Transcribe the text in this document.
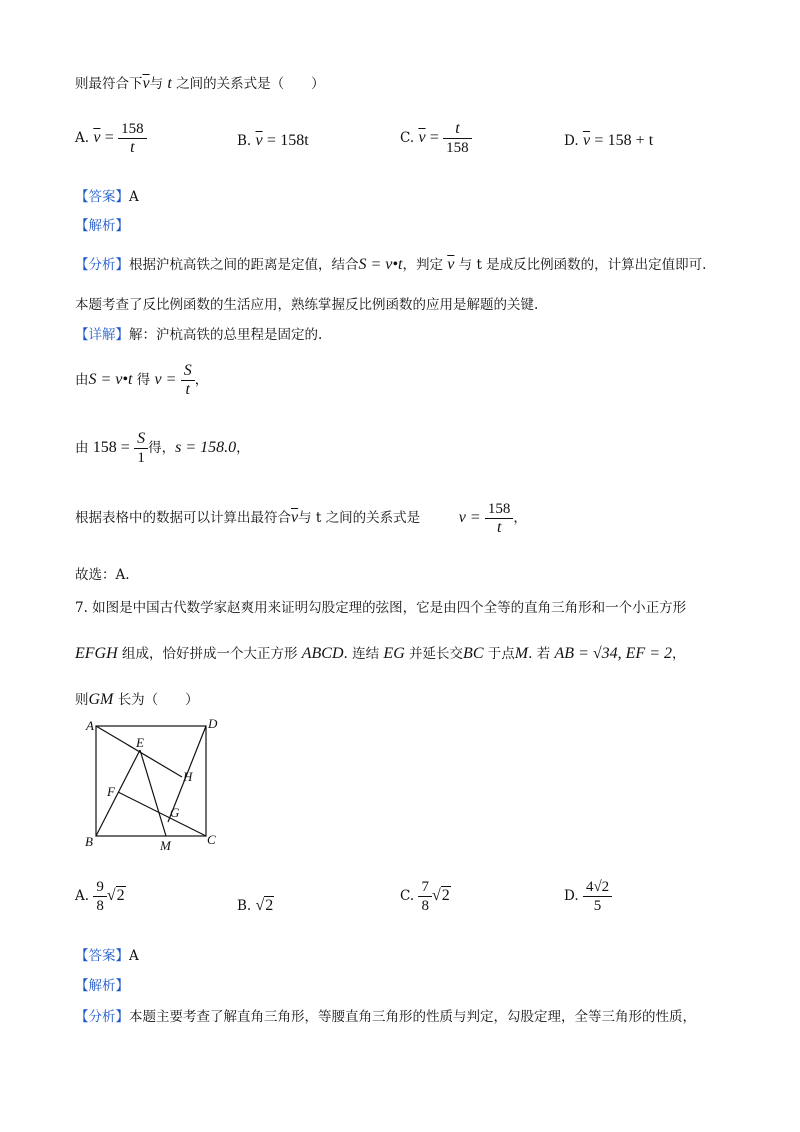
则最符合下$\overline{v}$与 t 之间的关系式是（　　）
A. $\overline{v} = \frac{158}{t}$	B. $\overline{v} = 158t$	C. $\overline{v} = \frac{t}{158}$	D. $\overline{v} = 158 + t$
【答案】A
【解析】
【分析】根据沪杭高铁之间的距离是定值，结合S = v•t，判定 $\overline{v}$ 与 t 是成反比例函数的，计算出定值即可.
本题考查了反比例函数的生活应用，熟练掌握反比例函数的应用是解题的关键.
【详解】解：沪杭高铁的总里程是固定的.
由S = v•t 得 $v = \frac{S}{t}$ ，
由 $158 = \frac{S}{1}$ 得，s = 158.0，
根据表格中的数据可以计算出最符合$\overline{v}$与 t 之间的关系式是 $v = \frac{158}{t}$ ，
故选：A.
7. 如图是中国古代数学家赵爽用来证明勾股定理的弦图，它是由四个全等的直角三角形和一个小正方形
EFGH 组成，恰好拼成一个大正方形 ABCD. 连结 EG 并延长交BC 于点M. 若 AB = √34, EF = 2，
则GM 长为（　　）
A	D
E
H
F
G
B	M	C
A. $\frac{9}{8} √2$
B. √2
C. $\frac{7}{8} √2$	D. $\frac{4√2}{5}$
【答案】A
【解析】
【分析】本题主要考查了解直角三角形，等腰直角三角形的性质与判定，勾股定理，全等三角形的性质，
